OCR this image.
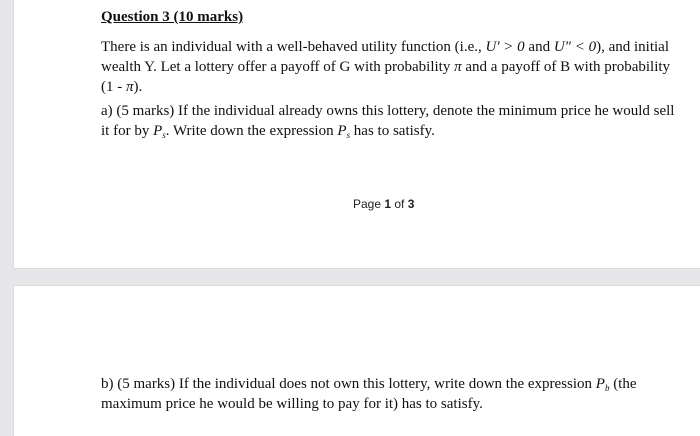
Question 3 (10 marks)
There is an individual with a well-behaved utility function (i.e., U' > 0 and U" < 0), and initial
wealth Y. Let a lottery offer a payoff of G with probability π and a payoff of B with probability
(1 - π).
a) (5 marks) If the individual already owns this lottery, denote the minimum price he would sell
it for by $P_s$. Write down the expression $P_s$ has to satisfy.
Page 1 of 3
b) (5 marks) If the individual does not own this lottery, write down the expression $P_b$ (the
maximum price he would be willing to pay for it) has to satisfy.
